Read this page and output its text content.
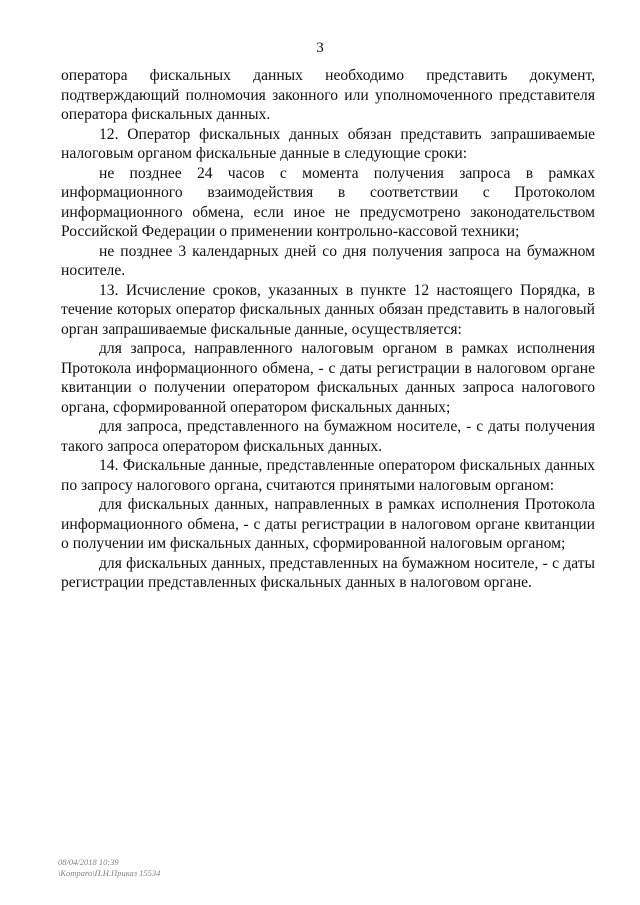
3

оператора фискальных данных необходимо представить документ, подтверждающий полномочия законного или уполномоченного представителя оператора фискальных данных.

12. Оператор фискальных данных обязан представить запрашиваемые налоговым органом фискальные данные в следующие сроки:

не позднее 24 часов с момента получения запроса в рамках информационного взаимодействия в соответствии с Протоколом информационного обмена, если иное не предусмотрено законодательством Российской Федерации о применении контрольно-кассовой техники;

не позднее 3 календарных дней со дня получения запроса на бумажном носителе.

13. Исчисление сроков, указанных в пункте 12 настоящего Порядка, в течение которых оператор фискальных данных обязан представить в налоговый орган запрашиваемые фискальные данные, осуществляется:

для запроса, направленного налоговым органом в рамках исполнения Протокола информационного обмена, - с даты регистрации в налоговом органе квитанции о получении оператором фискальных данных запроса налогового органа, сформированной оператором фискальных данных;

для запроса, представленного на бумажном носителе, - с даты получения такого запроса оператором фискальных данных.

14. Фискальные данные, представленные оператором фискальных данных по запросу налогового органа, считаются принятыми налоговым органом:

для фискальных данных, направленных в рамках исполнения Протокола информационного обмена, - с даты регистрации в налоговом органе квитанции о получении им фискальных данных, сформированной налоговым органом;

для фискальных данных, представленных на бумажном носителе, - с даты регистрации представленных фискальных данных в налоговом органе.

08/04/2018 10:39
\Komparo\П.Н.Приказ 15534
